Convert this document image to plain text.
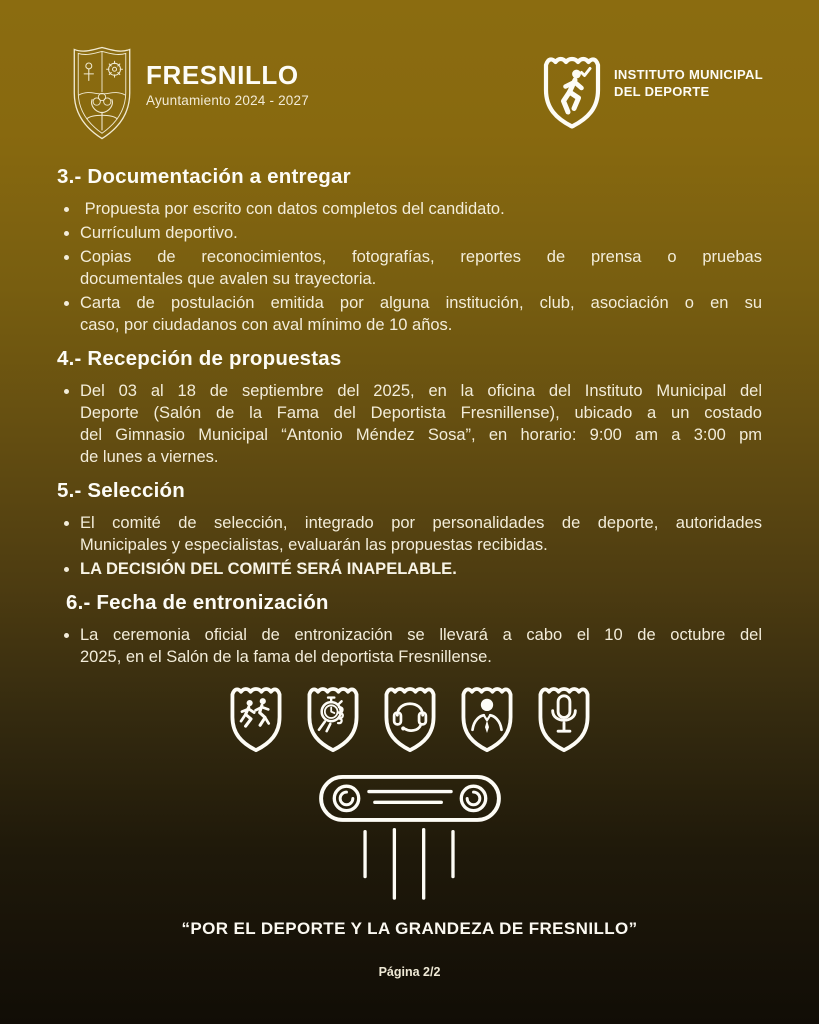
FRESNILLO
Ayuntamiento 2024 - 2027
INSTITUTO MUNICIPAL
DEL DEPORTE
3.- Documentación a entregar
Propuesta por escrito con datos completos del candidato.
Currículum deportivo.
Copias de reconocimientos, fotografías, reportes de prensa o pruebas
documentales que avalen su trayectoria.
Carta de postulación emitida por alguna institución, club, asociación o en su
caso, por ciudadanos con aval mínimo de 10 años.
4.- Recepción de propuestas
Del 03 al 18 de septiembre del 2025, en la oficina del Instituto Municipal del
Deporte (Salón de la Fama del Deportista Fresnillense), ubicado a un costado
del Gimnasio Municipal “Antonio Méndez Sosa”, en horario: 9:00 am a 3:00 pm
de lunes a viernes.
5.- Selección
El comité de selección, integrado por personalidades de deporte, autoridades
Municipales y especialistas, evaluarán las propuestas recibidas.
LA DECISIÓN DEL COMITÉ SERÁ INAPELABLE.
6.- Fecha de entronización
La ceremonia oficial de entronización se llevará a cabo el 10 de octubre del
2025, en el Salón de la fama del deportista Fresnillense.
“POR EL DEPORTE Y LA GRANDEZA DE FRESNILLO”
Página 2/2
